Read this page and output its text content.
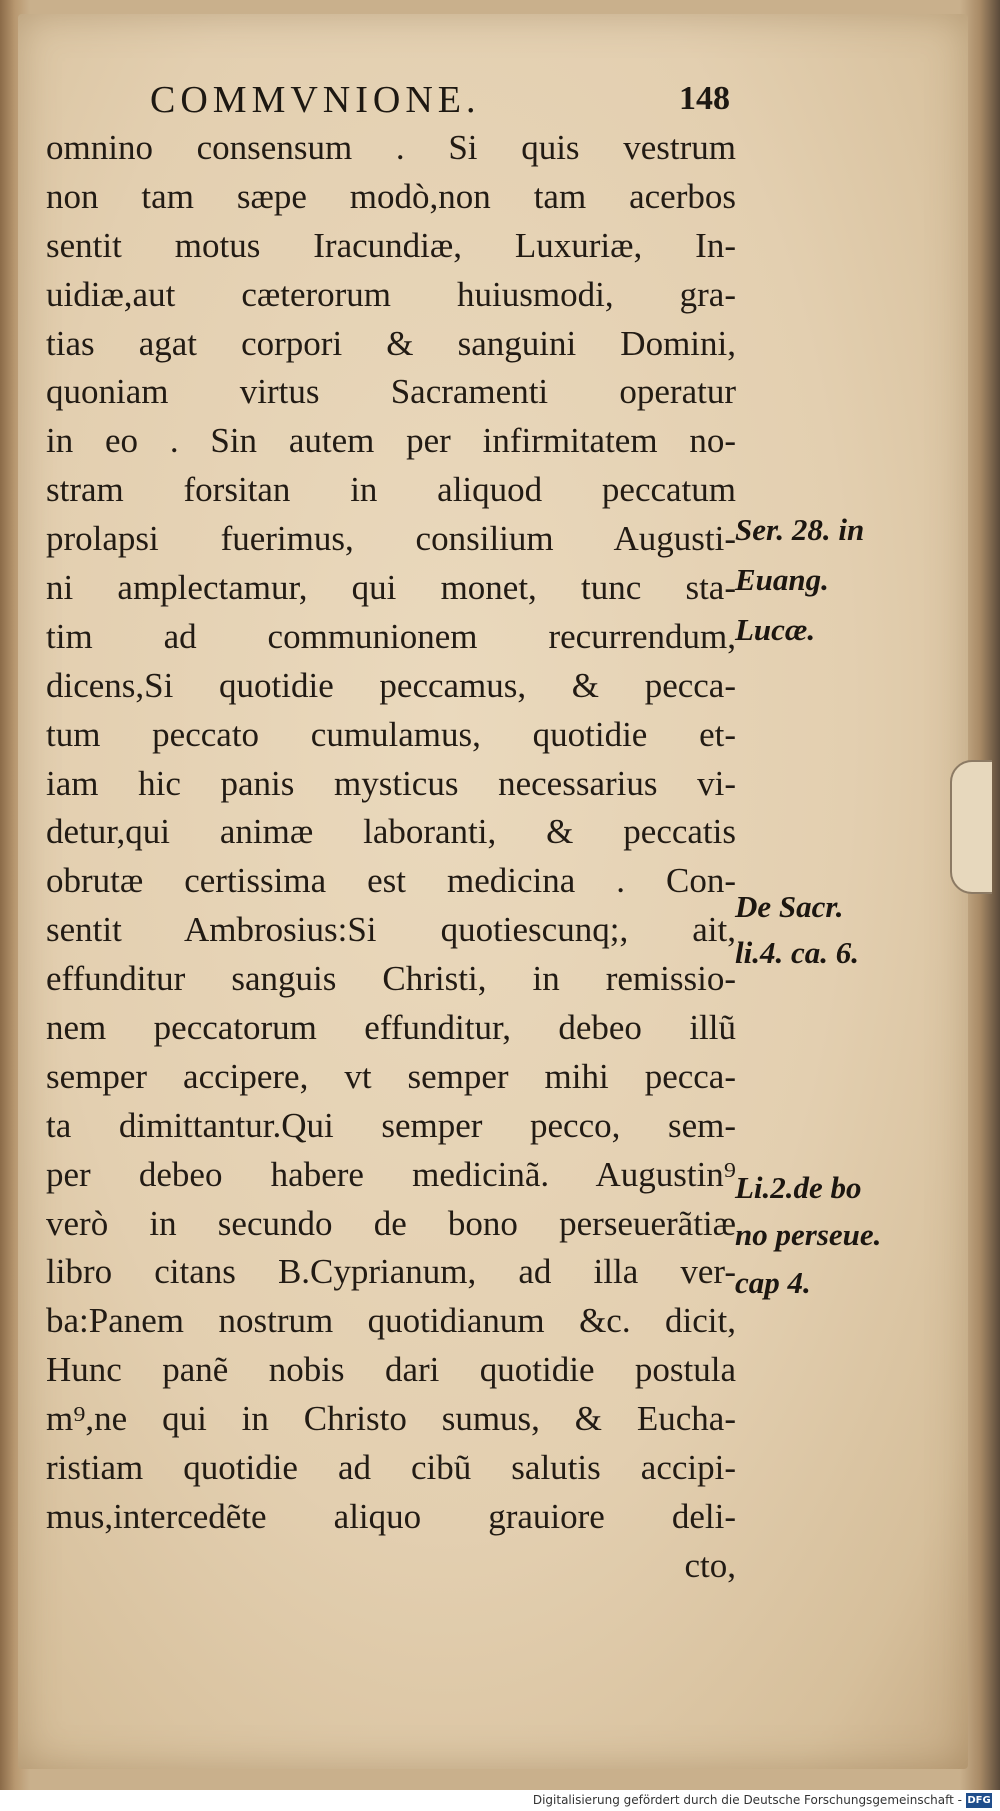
COMMVNIONE.	148
omnino consensum . Si quis vestrum
non tam sæpe modò,non tam acerbos
sentit motus Iracundiæ, Luxuriæ, In-
uidiæ,aut cæterorum huiusmodi, gra-
tias agat corpori & sanguini Domini,
quoniam virtus Sacramenti operatur
in eo . Sin autem per infirmitatem no-
stram forsitan in aliquod peccatum
prolapsi fuerimus, consilium Augusti-
ni amplectamur, qui monet, tunc sta-
tim ad communionem recurrendum,
dicens,Si quotidie peccamus, & pecca-
tum peccato cumulamus, quotidie et-
iam hic panis mysticus necessarius vi-
detur,qui animæ laboranti, & peccatis
obrutæ certissima est medicina . Con-
sentit Ambrosius:Si quotiescunq;, ait,
effunditur sanguis Christi, in remissio-
nem peccatorum effunditur, debeo illũ
semper accipere, vt semper mihi pecca-
ta dimittantur.Qui semper pecco, sem-
per debeo habere medicinã. Augustin⁹
verò in secundo de bono perseuerãtiæ
libro citans B.Cyprianum, ad illa ver-
ba:Panem nostrum quotidianum &c. dicit,
Hunc panẽ nobis dari quotidie postula
m⁹,ne qui in Christo sumus, & Eucha-
ristiam quotidie ad cibũ salutis accipi-
mus,intercedẽte aliquo grauiore deli-
cto,
Ser. 28. in
Euang.
Lucæ.
De Sacr.
li.4. ca. 6.
Li.2.de bo
no perseue.
cap 4.
Digitalisierung gefördert durch die Deutsche Forschungsgemeinschaft - DFG
